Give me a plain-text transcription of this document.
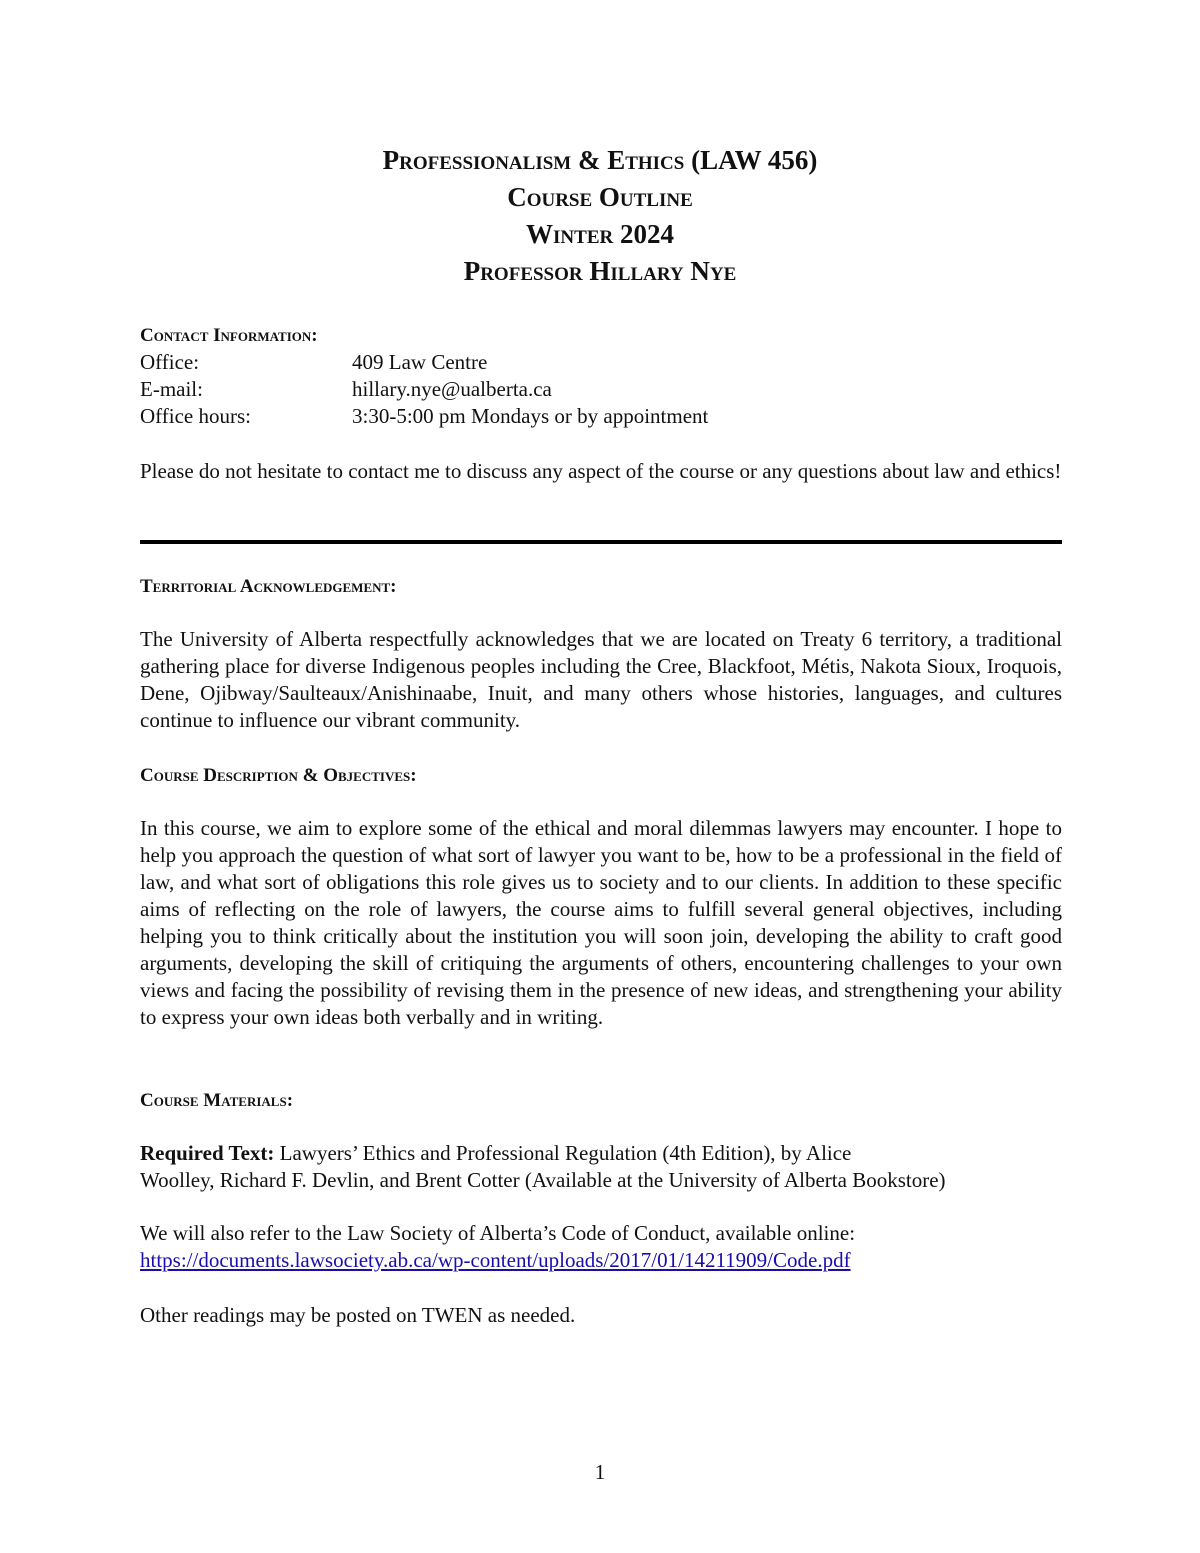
Professionalism & Ethics (LAW 456)
Course Outline
Winter 2024
Professor Hillary Nye
Contact Information:
Office:	409 Law Centre
E-mail:	hillary.nye@ualberta.ca
Office hours:	3:30-5:00 pm Mondays or by appointment
Please do not hesitate to contact me to discuss any aspect of the course or any questions about law and ethics!
Territorial Acknowledgement:
The University of Alberta respectfully acknowledges that we are located on Treaty 6 territory, a traditional gathering place for diverse Indigenous peoples including the Cree, Blackfoot, Métis, Nakota Sioux, Iroquois, Dene, Ojibway/Saulteaux/Anishinaabe, Inuit, and many others whose histories, languages, and cultures continue to influence our vibrant community.
Course Description & Objectives:
In this course, we aim to explore some of the ethical and moral dilemmas lawyers may encounter. I hope to help you approach the question of what sort of lawyer you want to be, how to be a professional in the field of law, and what sort of obligations this role gives us to society and to our clients. In addition to these specific aims of reflecting on the role of lawyers, the course aims to fulfill several general objectives, including helping you to think critically about the institution you will soon join, developing the ability to craft good arguments, developing the skill of critiquing the arguments of others, encountering challenges to your own views and facing the possibility of revising them in the presence of new ideas, and strengthening your ability to express your own ideas both verbally and in writing.
Course Materials:
Required Text: Lawyers’ Ethics and Professional Regulation (4th Edition), by Alice
Woolley, Richard F. Devlin, and Brent Cotter (Available at the University of Alberta Bookstore)
We will also refer to the Law Society of Alberta’s Code of Conduct, available online:
https://documents.lawsociety.ab.ca/wp-content/uploads/2017/01/14211909/Code.pdf
Other readings may be posted on TWEN as needed.
1
